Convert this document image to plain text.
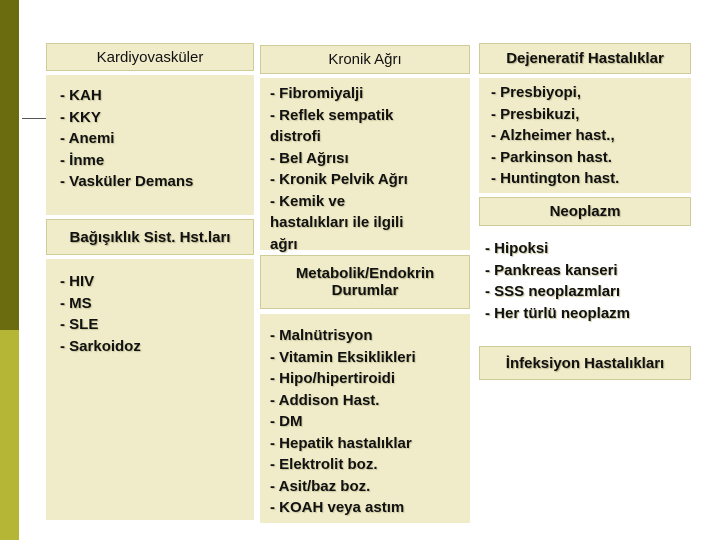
Kardiyovasküler
- KAH
- KKY
- Anemi
- İnme
- Vasküler Demans
Bağışıklık Sist. Hst.ları
- HIV
- MS
- SLE
- Sarkoidoz
Kronik Ağrı
- Fibromiyalji
- Reflek sempatik
distrofi
- Bel Ağrısı
- Kronik Pelvik Ağrı
- Kemik ve
hastalıkları ile ilgili
ağrı
Metabolik/Endokrin
Durumlar
- Malnütrisyon
- Vitamin Eksiklikleri
- Hipo/hipertiroidi
- Addison Hast.
- DM
- Hepatik hastalıklar
- Elektrolit boz.
- Asit/baz boz.
- KOAH veya astım
Dejeneratif Hastalıklar
- Presbiyopi,
- Presbikuzi,
- Alzheimer hast.,
- Parkinson hast.
- Huntington hast.
Neoplazm
- Hipoksi
- Pankreas kanseri
- SSS neoplazmları
- Her türlü neoplazm
İnfeksiyon Hastalıkları
